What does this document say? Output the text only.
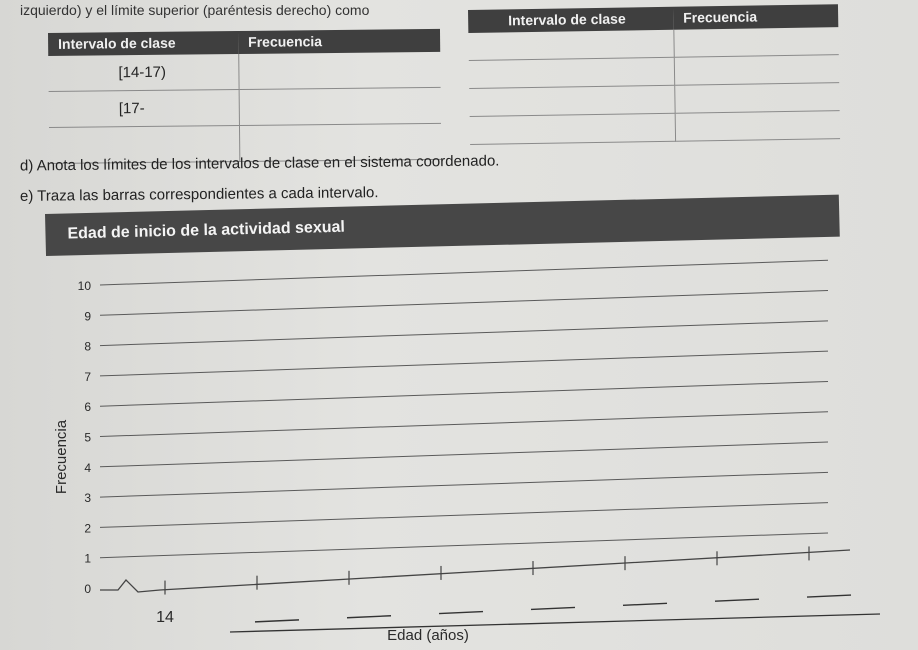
izquierdo) y el límite superior (paréntesis derecho) como
Intervalo de clase	Frecuencia
[14-17)	
[17-	

Intervalo de clase	Frecuencia

d) Anota los límites de los intervalos de clase en el sistema coordenado.
e) Traza las barras correspondientes a cada intervalo.
Edad de inicio de la actividad sexual
0
1
2
3
4
5
6
7
8
9
10
14
Frecuencia
Edad (años)
